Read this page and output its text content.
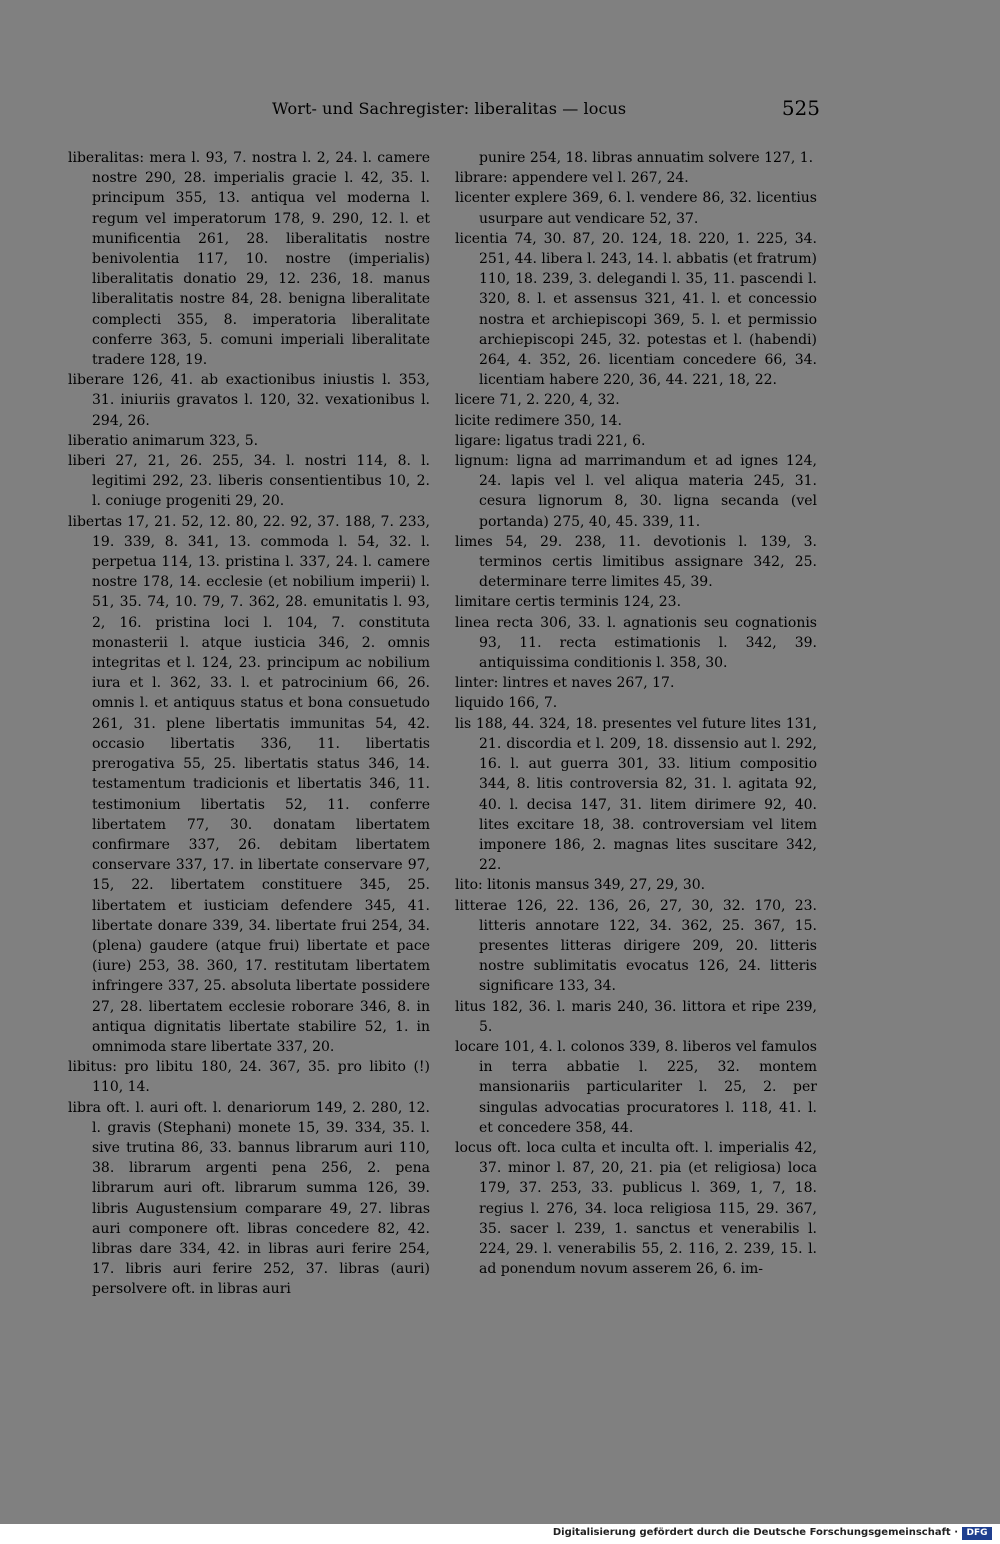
Wort- und Sachregister: liberalitas — locus	525

liberalitas: mera l. 93, 7. nostra l. 2, 24. l. camere nostre 290, 28. imperialis gracie l. 42, 35. l. principum 355, 13. antiqua vel moderna l. regum vel imperatorum 178, 9. 290, 12. l. et munificentia 261, 28. liberalitatis nostre benivolentia 117, 10. nostre (imperialis) liberalitatis donatio 29, 12. 236, 18. manus liberalitatis nostre 84, 28. benigna liberalitate complecti 355, 8. imperatoria liberalitate conferre 363, 5. comuni imperiali liberalitate tradere 128, 19.

liberare 126, 41. ab exactionibus iniustis l. 353, 31. iniuriis gravatos l. 120, 32. vexationibus l. 294, 26.

liberatio animarum 323, 5.

liberi 27, 21, 26. 255, 34. l. nostri 114, 8. l. legitimi 292, 23. liberis consentientibus 10, 2. l. coniuge progeniti 29, 20.

libertas 17, 21. 52, 12. 80, 22. 92, 37. 188, 7. 233, 19. 339, 8. 341, 13. commoda l. 54, 32. l. perpetua 114, 13. pristina l. 337, 24. l. camere nostre 178, 14. ecclesie (et nobilium imperii) l. 51, 35. 74, 10. 79, 7. 362, 28. emunitatis l. 93, 2, 16. pristina loci l. 104, 7. constituta monasterii l. atque iusticia 346, 2. omnis integritas et l. 124, 23. principum ac nobilium iura et l. 362, 33. l. et patrocinium 66, 26. omnis l. et antiquus status et bona consuetudo 261, 31. plene libertatis immunitas 54, 42. occasio libertatis 336, 11. libertatis prerogativa 55, 25. libertatis status 346, 14. testamentum tradicionis et libertatis 346, 11. testimonium libertatis 52, 11. conferre libertatem 77, 30. donatam libertatem confirmare 337, 26. debitam libertatem conservare 337, 17. in libertate conservare 97, 15, 22. libertatem constituere 345, 25. libertatem et iusticiam defendere 345, 41. libertate donare 339, 34. libertate frui 254, 34. (plena) gaudere (atque frui) libertate et pace (iure) 253, 38. 360, 17. restitutam libertatem infringere 337, 25. absoluta libertate possidere 27, 28. libertatem ecclesie roborare 346, 8. in antiqua dignitatis libertate stabilire 52, 1. in omnimoda stare libertate 337, 20.

libitus: pro libitu 180, 24. 367, 35. pro libito (!) 110, 14.

libra oft. l. auri oft. l. denariorum 149, 2. 280, 12. l. gravis (Stephani) monete 15, 39. 334, 35. l. sive trutina 86, 33. bannus librarum auri 110, 38. librarum argenti pena 256, 2. pena librarum auri oft. librarum summa 126, 39. libris Augustensium comparare 49, 27. libras auri componere oft. libras concedere 82, 42. libras dare 334, 42. in libras auri ferire 254, 17. libris auri ferire 252, 37. libras (auri) persolvere oft. in libras auri

punire 254, 18. libras annuatim solvere 127, 1.

librare: appendere vel l. 267, 24.

licenter explere 369, 6. l. vendere 86, 32. licentius usurpare aut vendicare 52, 37.

licentia 74, 30. 87, 20. 124, 18. 220, 1. 225, 34. 251, 44. libera l. 243, 14. l. abbatis (et fratrum) 110, 18. 239, 3. delegandi l. 35, 11. pascendi l. 320, 8. l. et assensus 321, 41. l. et concessio nostra et archiepiscopi 369, 5. l. et permissio archiepiscopi 245, 32. potestas et l. (habendi) 264, 4. 352, 26. licentiam concedere 66, 34. licentiam habere 220, 36, 44. 221, 18, 22.

licere 71, 2. 220, 4, 32.

licite redimere 350, 14.

ligare: ligatus tradi 221, 6.

lignum: ligna ad marrimandum et ad ignes 124, 24. lapis vel l. vel aliqua materia 245, 31. cesura lignorum 8, 30. ligna secanda (vel portanda) 275, 40, 45. 339, 11.

limes 54, 29. 238, 11. devotionis l. 139, 3. terminos certis limitibus assignare 342, 25. determinare terre limites 45, 39.

limitare certis terminis 124, 23.

linea recta 306, 33. l. agnationis seu cognationis 93, 11. recta estimationis l. 342, 39. antiquissima conditionis l. 358, 30.

linter: lintres et naves 267, 17.

liquido 166, 7.

lis 188, 44. 324, 18. presentes vel future lites 131, 21. discordia et l. 209, 18. dissensio aut l. 292, 16. l. aut guerra 301, 33. litium compositio 344, 8. litis controversia 82, 31. l. agitata 92, 40. l. decisa 147, 31. litem dirimere 92, 40. lites excitare 18, 38. controversiam vel litem imponere 186, 2. magnas lites suscitare 342, 22.

lito: litonis mansus 349, 27, 29, 30.

litterae 126, 22. 136, 26, 27, 30, 32. 170, 23. litteris annotare 122, 34. 362, 25. 367, 15. presentes litteras dirigere 209, 20. litteris nostre sublimitatis evocatus 126, 24. litteris significare 133, 34.

litus 182, 36. l. maris 240, 36. littora et ripe 239, 5.

locare 101, 4. l. colonos 339, 8. liberos vel famulos in terra abbatie l. 225, 32. montem mansionariis particulariter l. 25, 2. per singulas advocatias procuratores l. 118, 41. l. et concedere 358, 44.

locus oft. loca culta et inculta oft. l. imperialis 42, 37. minor l. 87, 20, 21. pia (et religiosa) loca 179, 37. 253, 33. publicus l. 369, 1, 7, 18. regius l. 276, 34. loca religiosa 115, 29. 367, 35. sacer l. 239, 1. sanctus et venerabilis l. 224, 29. l. venerabilis 55, 2. 116, 2. 239, 15. l. ad ponendum novum asserem 26, 6. im-

Digitalisierung gefördert durch die Deutsche Forschungsgemeinschaft · DFG
